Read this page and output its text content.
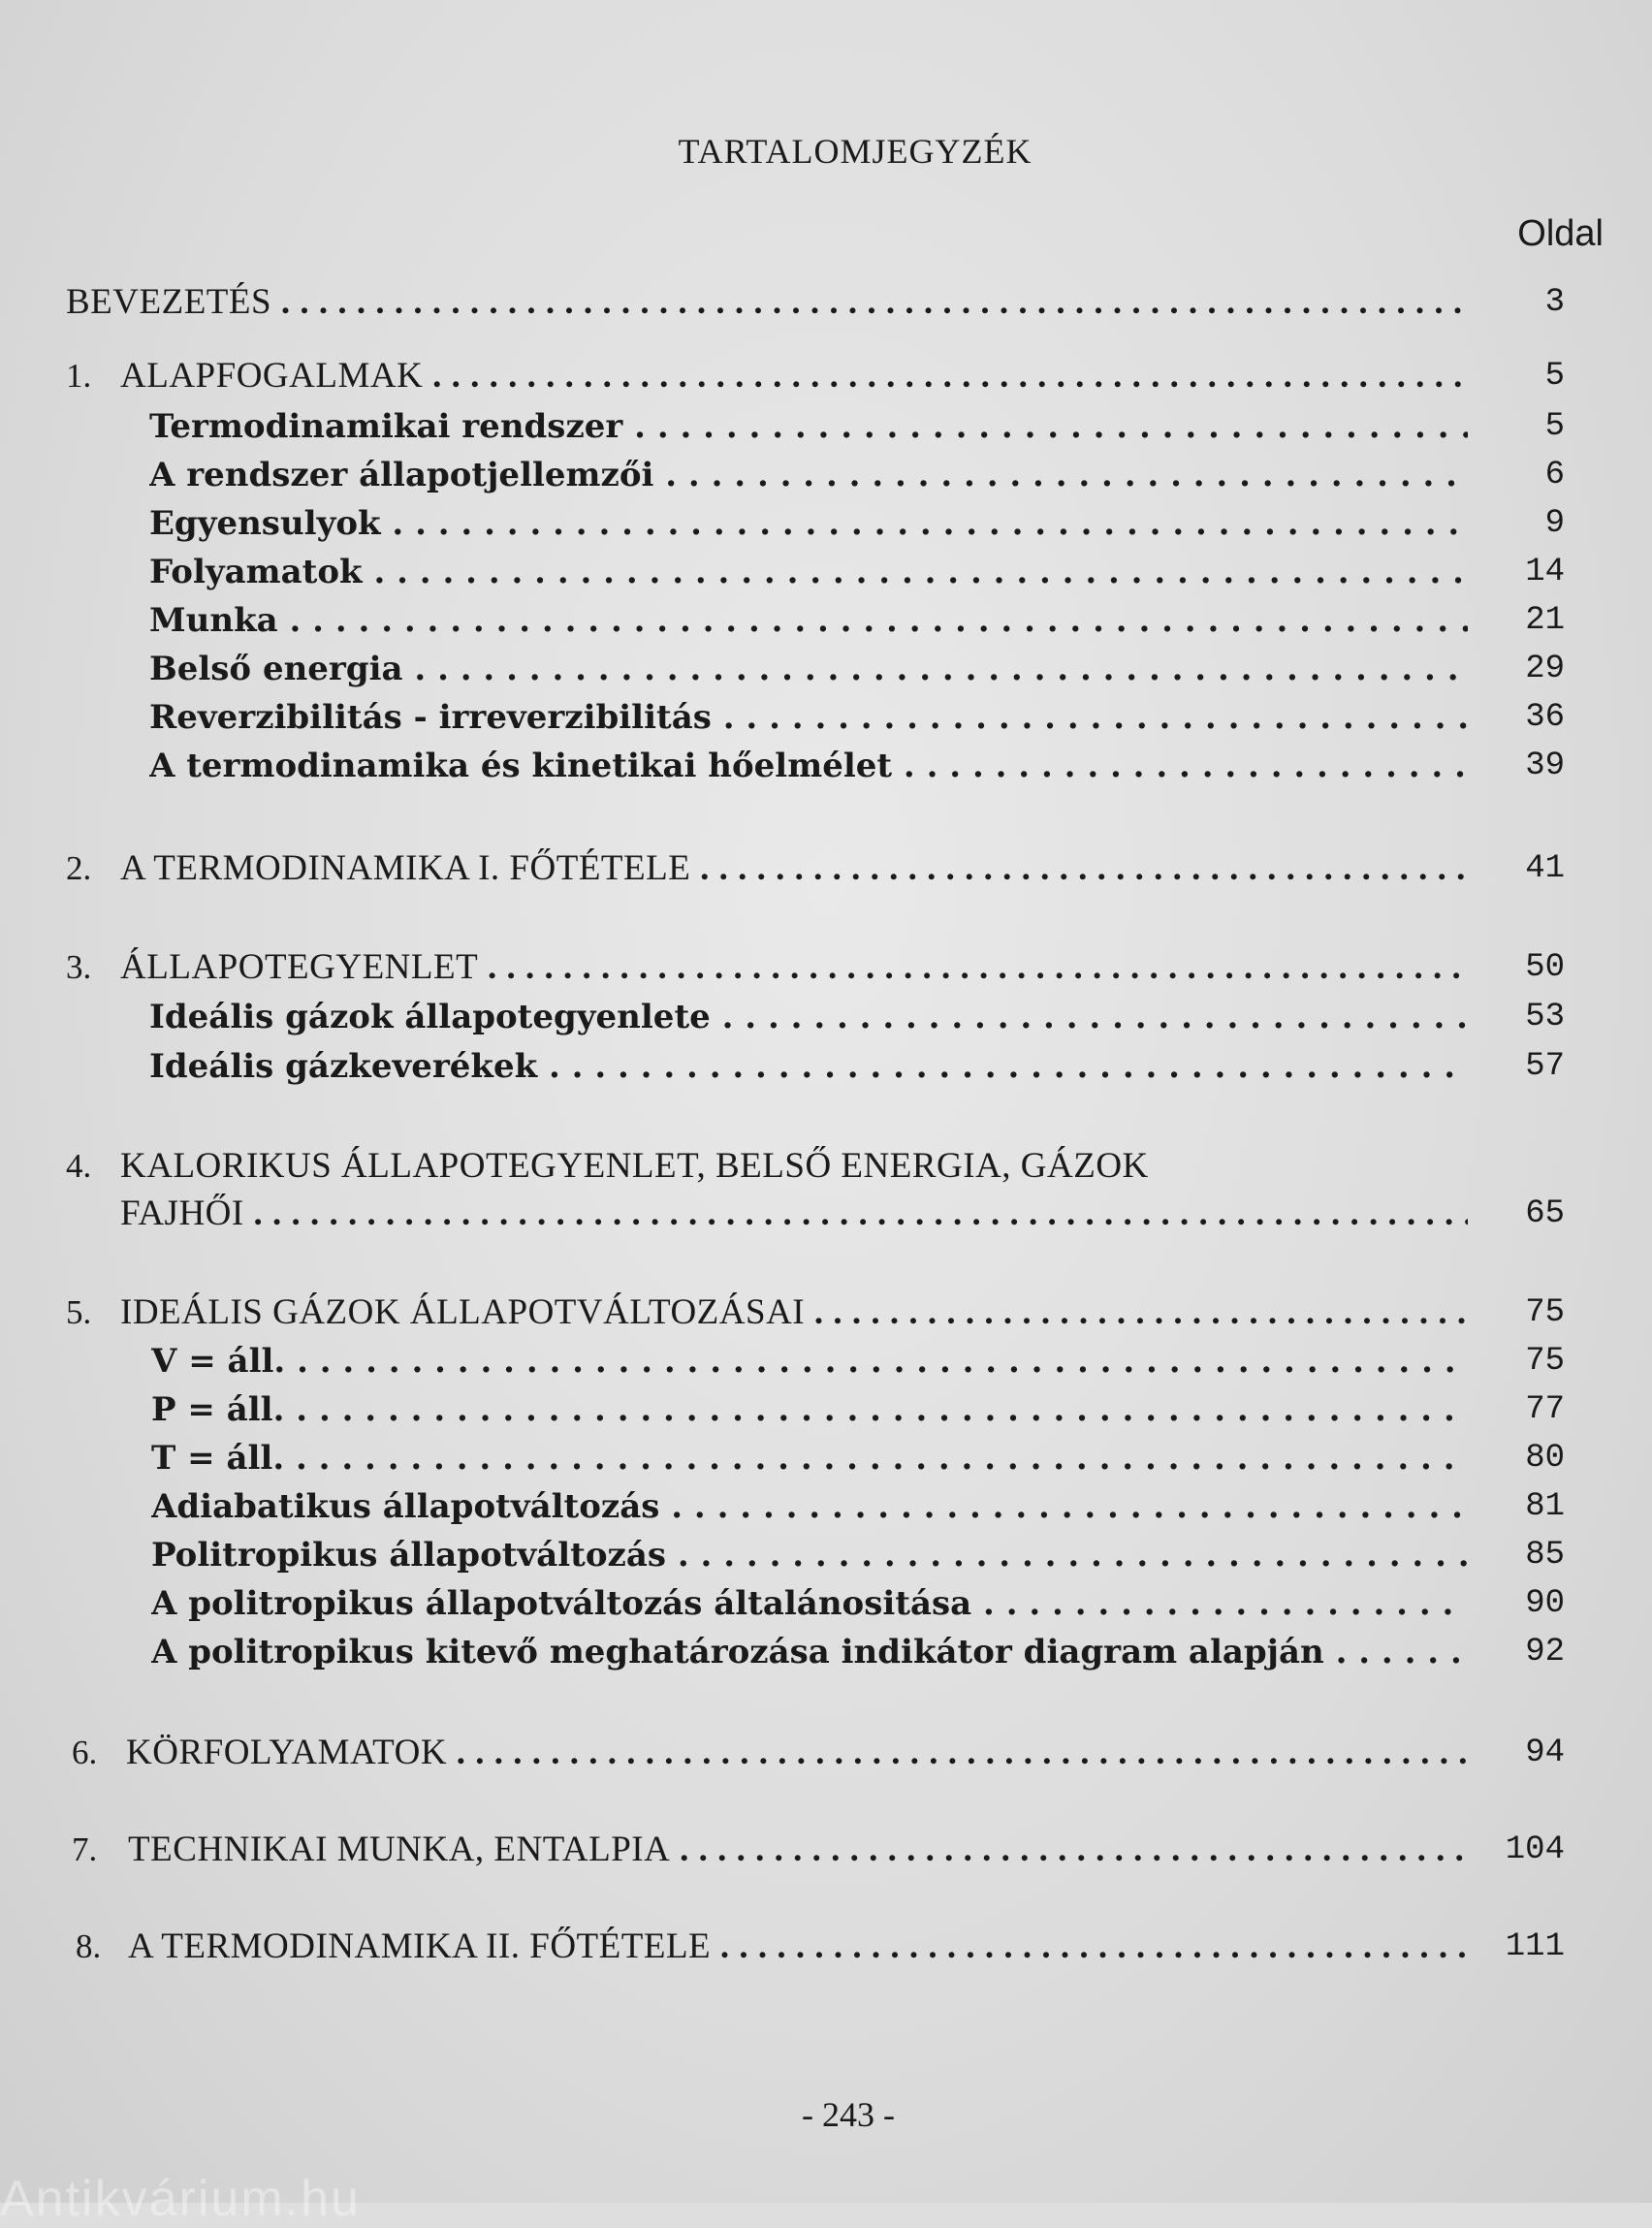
TARTALOMJEGYZÉK
Oldal
BEVEZETÉS . . .	3
1. ALAPFOGALMAK . . .	5
Termodinamikai rendszer . . .	5
A rendszer állapotjellemzői . . .	6
Egyensulyok . . .	9
Folyamatok . . .	14
Munka . . .	21
Belső energia . . .	29
Reverzibilitás - irreverzibilitás . . .	36
A termodinamika és kinetikai hőelmélet . . .	39
2. A TERMODINAMIKA I. FŐTÉTELE . . .	41
3. ÁLLAPOTEGYENLET . . .	50
Ideális gázok állapotegyenlete . . .	53
Ideális gázkeverékek . . .	57
4. KALORIKUS ÁLLAPOTEGYENLET, BELSŐ ENERGIA, GÁZOK
FAJHŐI . . .	65
5. IDEÁLIS GÁZOK ÁLLAPOTVÁLTOZÁSAI . . .	75
V = áll. . . .	75
P = áll. . . .	77
T = áll. . . .	80
Adiabatikus állapotváltozás . . .	81
Politropikus állapotváltozás . . .	85
A politropikus állapotváltozás általánositása . . .	90
A politropikus kitevő meghatározása indikátor diagram alapján . . .	92
6. KÖRFOLYAMATOK . . .	94
7. TECHNIKAI MUNKA, ENTALPIA . . .	104
8. A TERMODINAMIKA II. FŐTÉTELE . . .	111
- 243 -
Antikvárium.hu
